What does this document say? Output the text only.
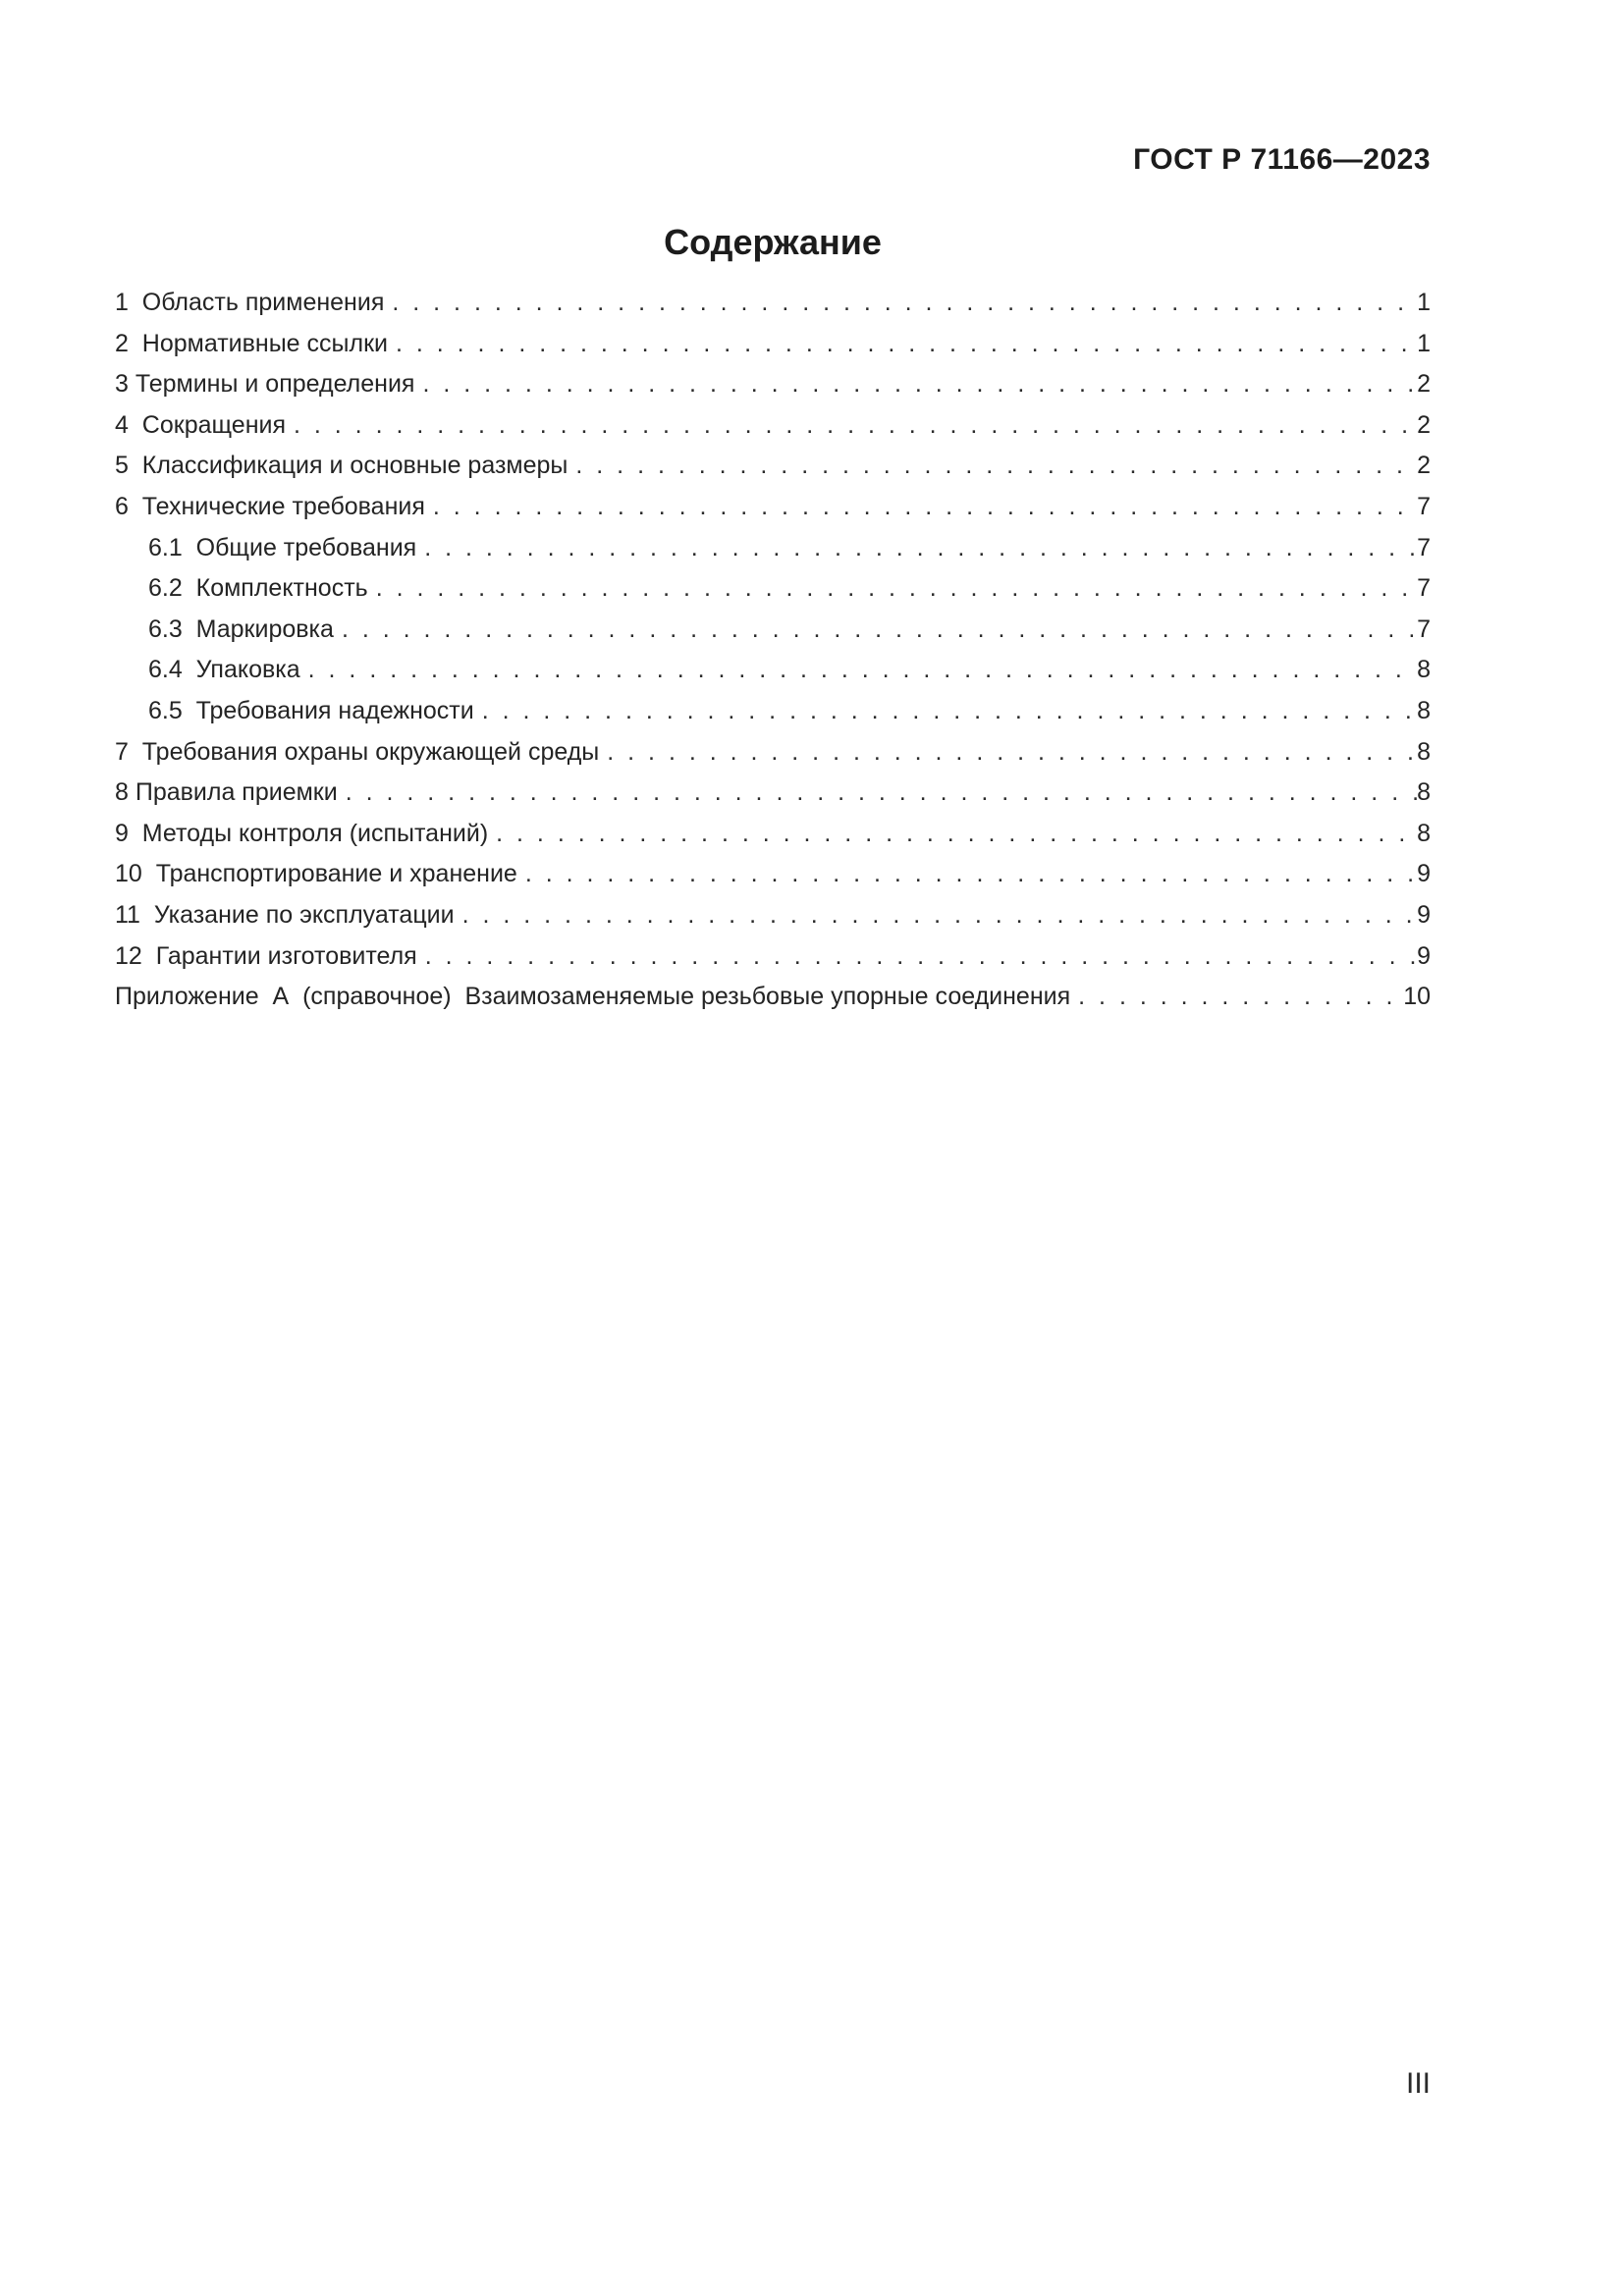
ГОСТ Р 71166—2023
Содержание
1  Область применения . . .	1
2  Нормативные ссылки . . .	1
3 Термины и определения . . .	2
4  Сокращения . . .	2
5  Классификация и основные размеры . . .	2
6  Технические требования . . .	7
6.1  Общие требования . . .	7
6.2  Комплектность . . .	7
6.3  Маркировка . . .	7
6.4  Упаковка . . .	8
6.5  Требования надежности . . .	8
7  Требования охраны окружающей среды . . .	8
8 Правила приемки . . .	8
9  Методы контроля (испытаний) . . .	8
10  Транспортирование и хранение . . .	9
11  Указание по эксплуатации . . .	9
12  Гарантии изготовителя . . .	9
Приложение  А  (справочное)  Взаимозаменяемые резьбовые упорные соединения . . .	10
III
